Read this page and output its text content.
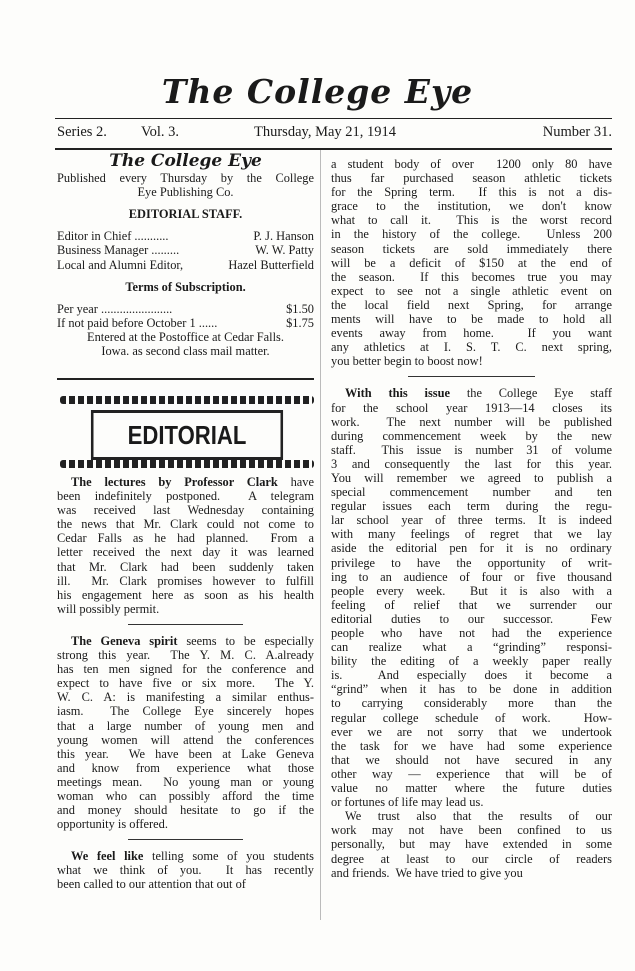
The College Eye
Series 2. Vol. 3.	Thursday, May 21, 1914	Number 31.
The College Eye
Published every Thursday by the College
Eye Publishing Co.
EDITORIAL STAFF.
Editor in Chief ...........	P. J. Hanson
Business Manager .........	W. W. Patty
Local and Alumni Editor,	Hazel Butterfield
Terms of Subscription.
Per year .......................	$1.50
If not paid before October 1 ......	$1.75
Entered at the Postoffice at Cedar Falls.
Iowa. as second class mail matter.
EDITORIAL
The lectures by Professor Clark have
been indefinitely postponed.  A telegram
was received last Wednesday containing
the news that Mr. Clark could not come to
Cedar Falls as he had planned.  From a
letter received the next day it was learned
that Mr. Clark had been suddenly taken
ill.  Mr. Clark promises however to fulfill
his engagement here as soon as his health
will possibly permit.
The Geneva spirit seems to be especially
strong this year.  The Y. M. C. A.already
has ten men signed for the conference and
expect to have five or six more.  The Y.
W. C. A: is manifesting a similar enthus-
iasm.  The College Eye sincerely hopes
that a large number of young men and
young women will attend the conferences
this year.  We have been at Lake Geneva
and know from experience what those
meetings mean.  No young man or young
woman who can possibly afford the time
and money should hesitate to go if the
opportunity is offered.
We feel like telling some of you students
what we think of you.  It has recently
been called to our attention that out of
a student body of over  1200 only 80 have
thus far purchased season athletic tickets
for the Spring term.  If this is not a dis-
grace to the institution, we don't know
what to call it.  This is the worst record
in the history of the college.  Unless 200
season tickets are sold immediately there
will be a deficit of $150 at the end of
the season.  If this becomes true you may
expect to see not a single athletic event on
the local field next Spring, for arrange
ments will have to be made to hold all
events away from home.  If you want
any athletics at I. S. T. C. next spring,
you better begin to boost now!
With this issue the College Eye staff
for the school year 1913—14 closes its
work.  The next number will be published
during commencement week by the new
staff.  This issue is number 31 of volume
3 and consequently the last for this year.
You will remember we agreed to publish a
special commencement number and ten
regular issues each term during the regu-
lar school year of three terms. It is indeed
with many feelings of regret that we lay
aside the editorial pen for it is no ordinary
privilege to have the opportunity of writ-
ing to an audience of four or five thousand
people every week.  But it is also with a
feeling of relief that we surrender our
editorial duties to our successor.  Few
people who have not had the experience
can realize what a “grinding” responsi-
bility the editing of a weekly paper really
is.  And especially does it become a
“grind” when it has to be done in addition
to carrying considerably more than the
regular college schedule of work.  How-
ever we are not sorry that we undertook
the task for we have had some experience
that we should not have secured in any
other way — experience that will be of
value no matter where the future duties
or fortunes of life may lead us.
We trust also that the results of our
work may not have been confined to us
personally, but may have extended in some
degree at least to our circle of readers
and friends.  We have tried to give you
